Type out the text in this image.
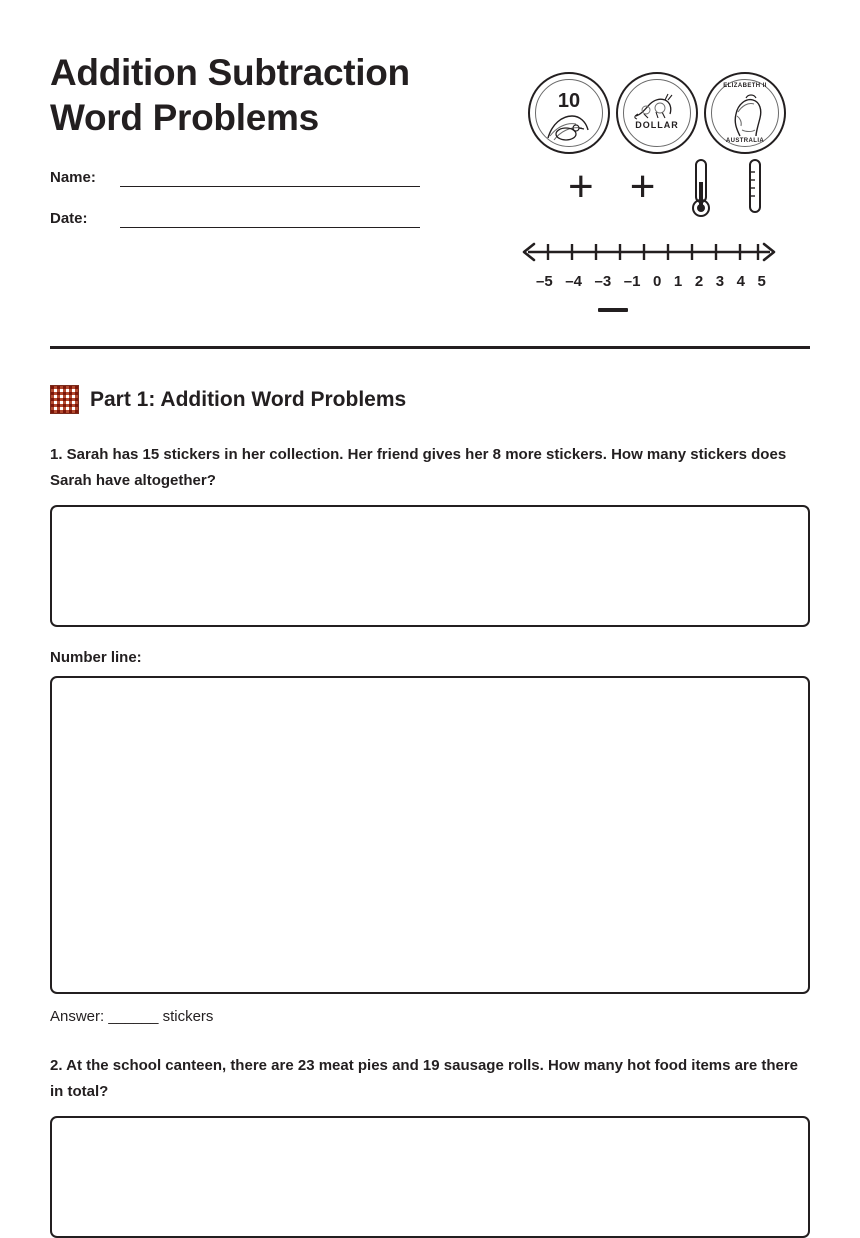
Addition Subtraction Word Problems
Name:
Date:
10
DOLLAR
ELIZABETH II
AUSTRALIA
+ +
–5 –4 –3 –1 0 1 2 3 4 5
Part 1: Addition Word Problems

1. Sarah has 15 stickers in her collection. Her friend gives her 8 more stickers. How many stickers does Sarah have altogether?

Number line:
Answer: ______ stickers

2. At the school canteen, there are 23 meat pies and 19 sausage rolls. How many hot food items are there in total?
